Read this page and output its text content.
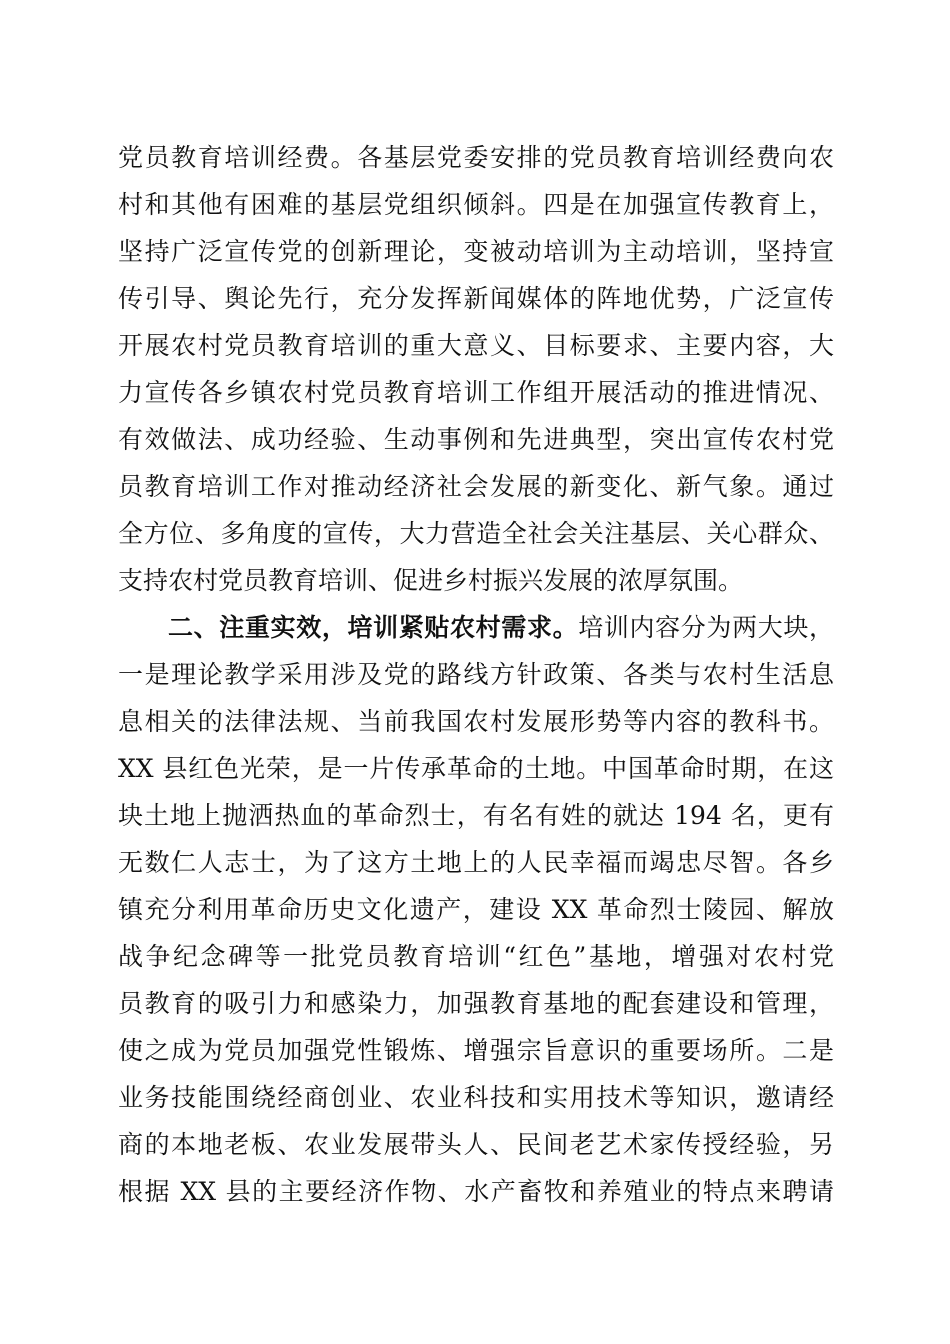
党员教育培训经费。各基层党委安排的党员教育培训经费向农
村和其他有困难的基层党组织倾斜。四是在加强宣传教育上，
坚持广泛宣传党的创新理论，变被动培训为主动培训，坚持宣
传引导、舆论先行，充分发挥新闻媒体的阵地优势，广泛宣传
开展农村党员教育培训的重大意义、目标要求、主要内容，大
力宣传各乡镇农村党员教育培训工作组开展活动的推进情况、
有效做法、成功经验、生动事例和先进典型，突出宣传农村党
员教育培训工作对推动经济社会发展的新变化、新气象。通过
全方位、多角度的宣传，大力营造全社会关注基层、关心群众、
支持农村党员教育培训、促进乡村振兴发展的浓厚氛围。
二、注重实效，培训紧贴农村需求。培训内容分为两大块，
一是理论教学采用涉及党的路线方针政策、各类与农村生活息
息相关的法律法规、当前我国农村发展形势等内容的教科书。
XX 县红色光荣，是一片传承革命的土地。中国革命时期，在这
块土地上抛洒热血的革命烈士，有名有姓的就达 194 名，更有
无数仁人志士，为了这方土地上的人民幸福而竭忠尽智。各乡
镇充分利用革命历史文化遗产，建设 XX 革命烈士陵园、解放
战争纪念碑等一批党员教育培训“红色”基地，增强对农村党
员教育的吸引力和感染力，加强教育基地的配套建设和管理，
使之成为党员加强党性锻炼、增强宗旨意识的重要场所。二是
业务技能围绕经商创业、农业科技和实用技术等知识，邀请经
商的本地老板、农业发展带头人、民间老艺术家传授经验，另
根据 XX 县的主要经济作物、水产畜牧和养殖业的特点来聘请
